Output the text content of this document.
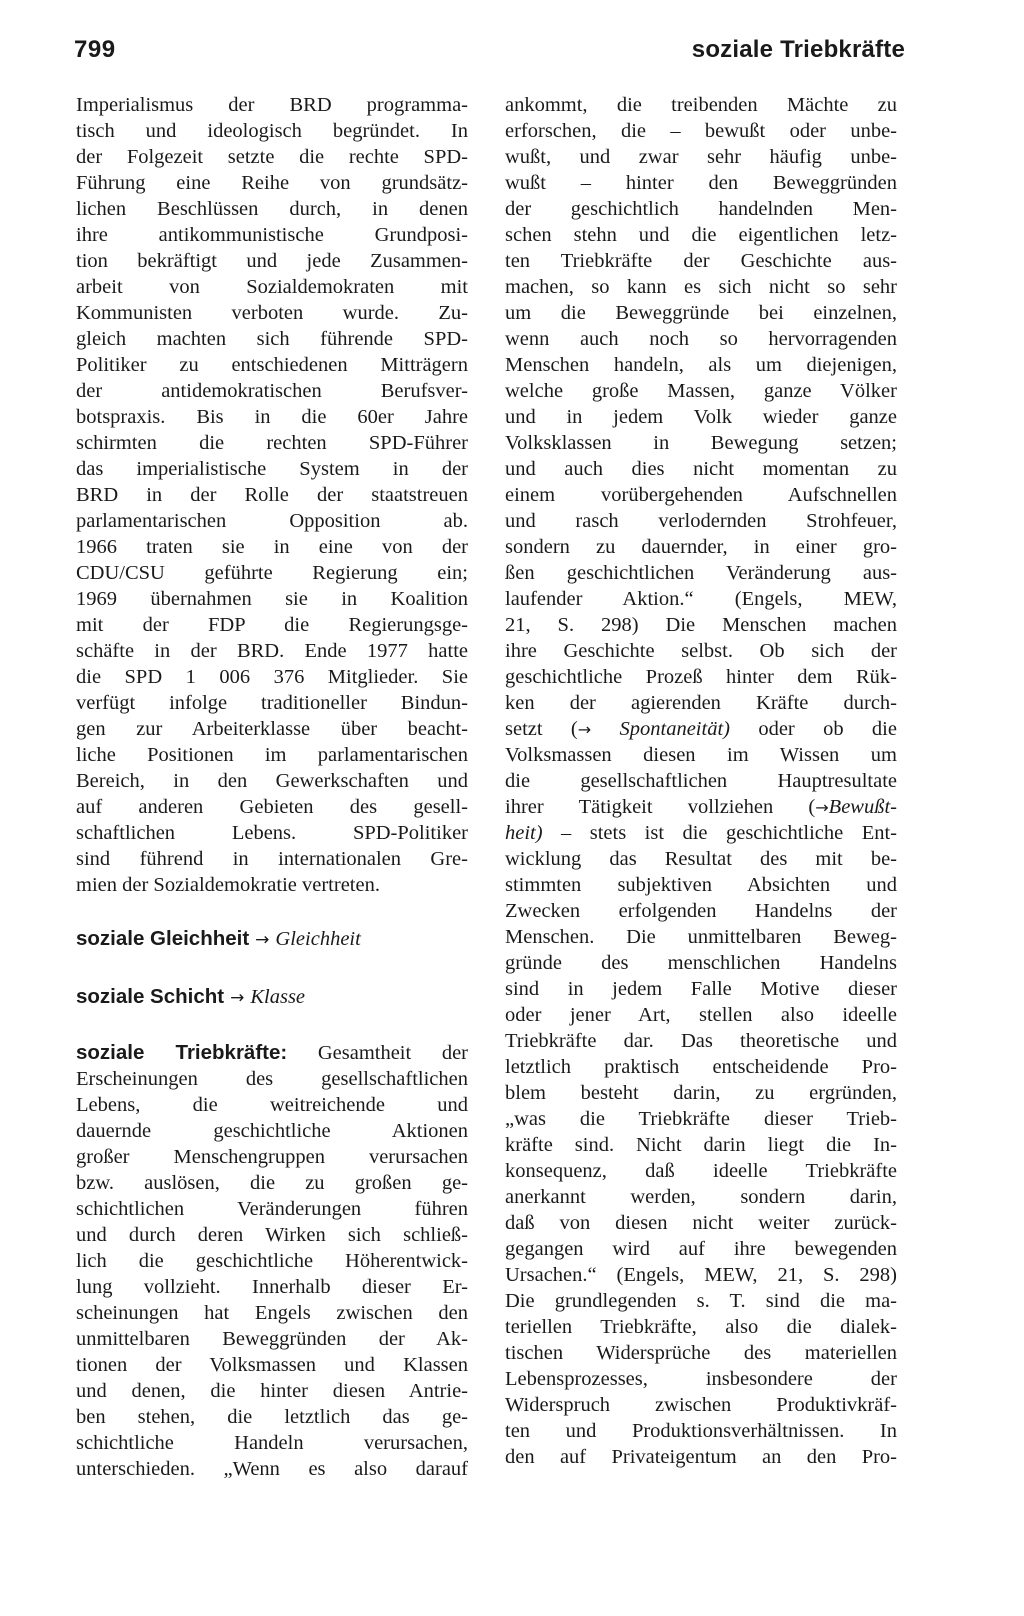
799	soziale Triebkräfte
Imperialismus der BRD programma-
tisch und ideologisch begründet. In
der Folgezeit setzte die rechte SPD-
Führung eine Reihe von grundsätz-
lichen Beschlüssen durch, in denen
ihre antikommunistische Grundposi-
tion bekräftigt und jede Zusammen-
arbeit von Sozialdemokraten mit
Kommunisten verboten wurde. Zu-
gleich machten sich führende SPD-
Politiker zu entschiedenen Mitträgern
der antidemokratischen Berufsver-
botspraxis. Bis in die 60er Jahre
schirmten die rechten SPD-Führer
das imperialistische System in der
BRD in der Rolle der staatstreuen
parlamentarischen Opposition ab.
1966 traten sie in eine von der
CDU/CSU geführte Regierung ein;
1969 übernahmen sie in Koalition
mit der FDP die Regierungsge-
schäfte in der BRD. Ende 1977 hatte
die SPD 1 006 376 Mitglieder. Sie
verfügt infolge traditioneller Bindun-
gen zur Arbeiterklasse über beacht-
liche Positionen im parlamentarischen
Bereich, in den Gewerkschaften und
auf anderen Gebieten des gesell-
schaftlichen Lebens. SPD-Politiker
sind führend in internationalen Gre-
mien der Sozialdemokratie vertreten.
soziale Gleichheit → Gleichheit
soziale Schicht → Klasse
soziale Triebkräfte: Gesamtheit der
Erscheinungen des gesellschaftlichen
Lebens, die weitreichende und
dauernde geschichtliche Aktionen
großer Menschengruppen verursachen
bzw. auslösen, die zu großen ge-
schichtlichen Veränderungen führen
und durch deren Wirken sich schließ-
lich die geschichtliche Höherentwick-
lung vollzieht. Innerhalb dieser Er-
scheinungen hat Engels zwischen den
unmittelbaren Beweggründen der Ak-
tionen der Volksmassen und Klassen
und denen, die hinter diesen Antrie-
ben stehen, die letztlich das ge-
schichtliche Handeln verursachen,
unterschieden. „Wenn es also darauf
ankommt, die treibenden Mächte zu
erforschen, die – bewußt oder unbe-
wußt, und zwar sehr häufig unbe-
wußt – hinter den Beweggründen
der geschichtlich handelnden Men-
schen stehn und die eigentlichen letz-
ten Triebkräfte der Geschichte aus-
machen, so kann es sich nicht so sehr
um die Beweggründe bei einzelnen,
wenn auch noch so hervorragenden
Menschen handeln, als um diejenigen,
welche große Massen, ganze Völker
und in jedem Volk wieder ganze
Volksklassen in Bewegung setzen;
und auch dies nicht momentan zu
einem vorübergehenden Aufschnellen
und rasch verlodernden Strohfeuer,
sondern zu dauernder, in einer gro-
ßen geschichtlichen Veränderung aus-
laufender Aktion.“ (Engels, MEW,
21, S. 298) Die Menschen machen
ihre Geschichte selbst. Ob sich der
geschichtliche Prozeß hinter dem Rük-
ken der agierenden Kräfte durch-
setzt (→ Spontaneität) oder ob die
Volksmassen diesen im Wissen um
die gesellschaftlichen Hauptresultate
ihrer Tätigkeit vollziehen (→Bewußt-
heit) – stets ist die geschichtliche Ent-
wicklung das Resultat des mit be-
stimmten subjektiven Absichten und
Zwecken erfolgenden Handelns der
Menschen. Die unmittelbaren Beweg-
gründe des menschlichen Handelns
sind in jedem Falle Motive dieser
oder jener Art, stellen also ideelle
Triebkräfte dar. Das theoretische und
letztlich praktisch entscheidende Pro-
blem besteht darin, zu ergründen,
„was die Triebkräfte dieser Trieb-
kräfte sind. Nicht darin liegt die In-
konsequenz, daß ideelle Triebkräfte
anerkannt werden, sondern darin,
daß von diesen nicht weiter zurück-
gegangen wird auf ihre bewegenden
Ursachen.“ (Engels, MEW, 21, S. 298)
Die grundlegenden s. T. sind die ma-
teriellen Triebkräfte, also die dialek-
tischen Widersprüche des materiellen
Lebensprozesses, insbesondere der
Widerspruch zwischen Produktivkräf-
ten und Produktionsverhältnissen. In
den auf Privateigentum an den Pro-
